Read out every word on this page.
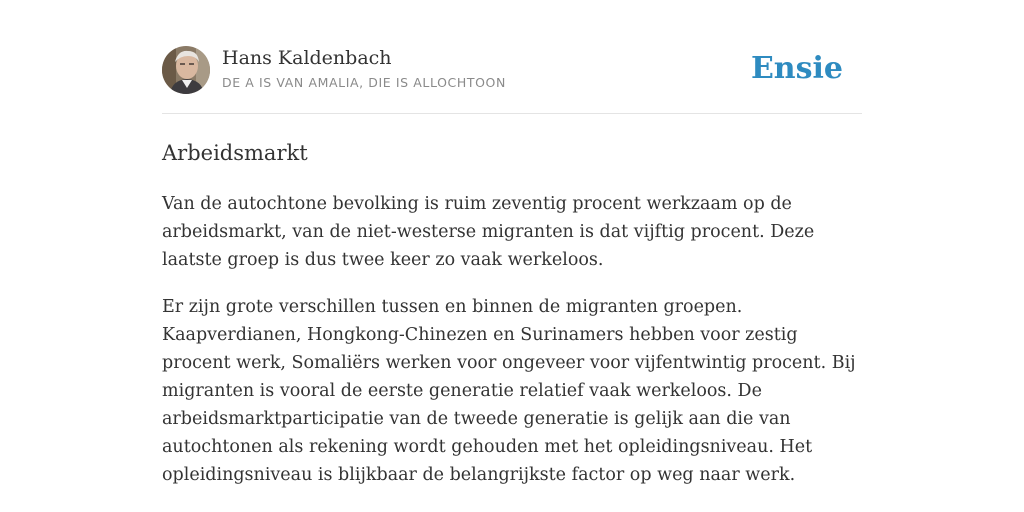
Hans Kaldenbach
DE A IS VAN AMALIA, DIE IS ALLOCHTOON	Ensie
Arbeidsmarkt

Van de autochtone bevolking is ruim zeventig procent werkzaam op de arbeidsmarkt, van de niet-westerse migranten is dat vijftig procent. Deze laatste groep is dus twee keer zo vaak werkeloos.

Er zijn grote verschillen tussen en binnen de migranten groepen. Kaapverdianen, Hongkong-Chinezen en Surinamers hebben voor zestig procent werk, Somaliërs werken voor ongeveer voor vijfentwintig procent. Bij migranten is vooral de eerste generatie relatief vaak werkeloos. De arbeidsmarktparticipatie van de tweede generatie is gelijk aan die van autochtonen als rekening wordt gehouden met het opleidingsniveau. Het opleidingsniveau is blijkbaar de belangrijkste factor op weg naar werk.
